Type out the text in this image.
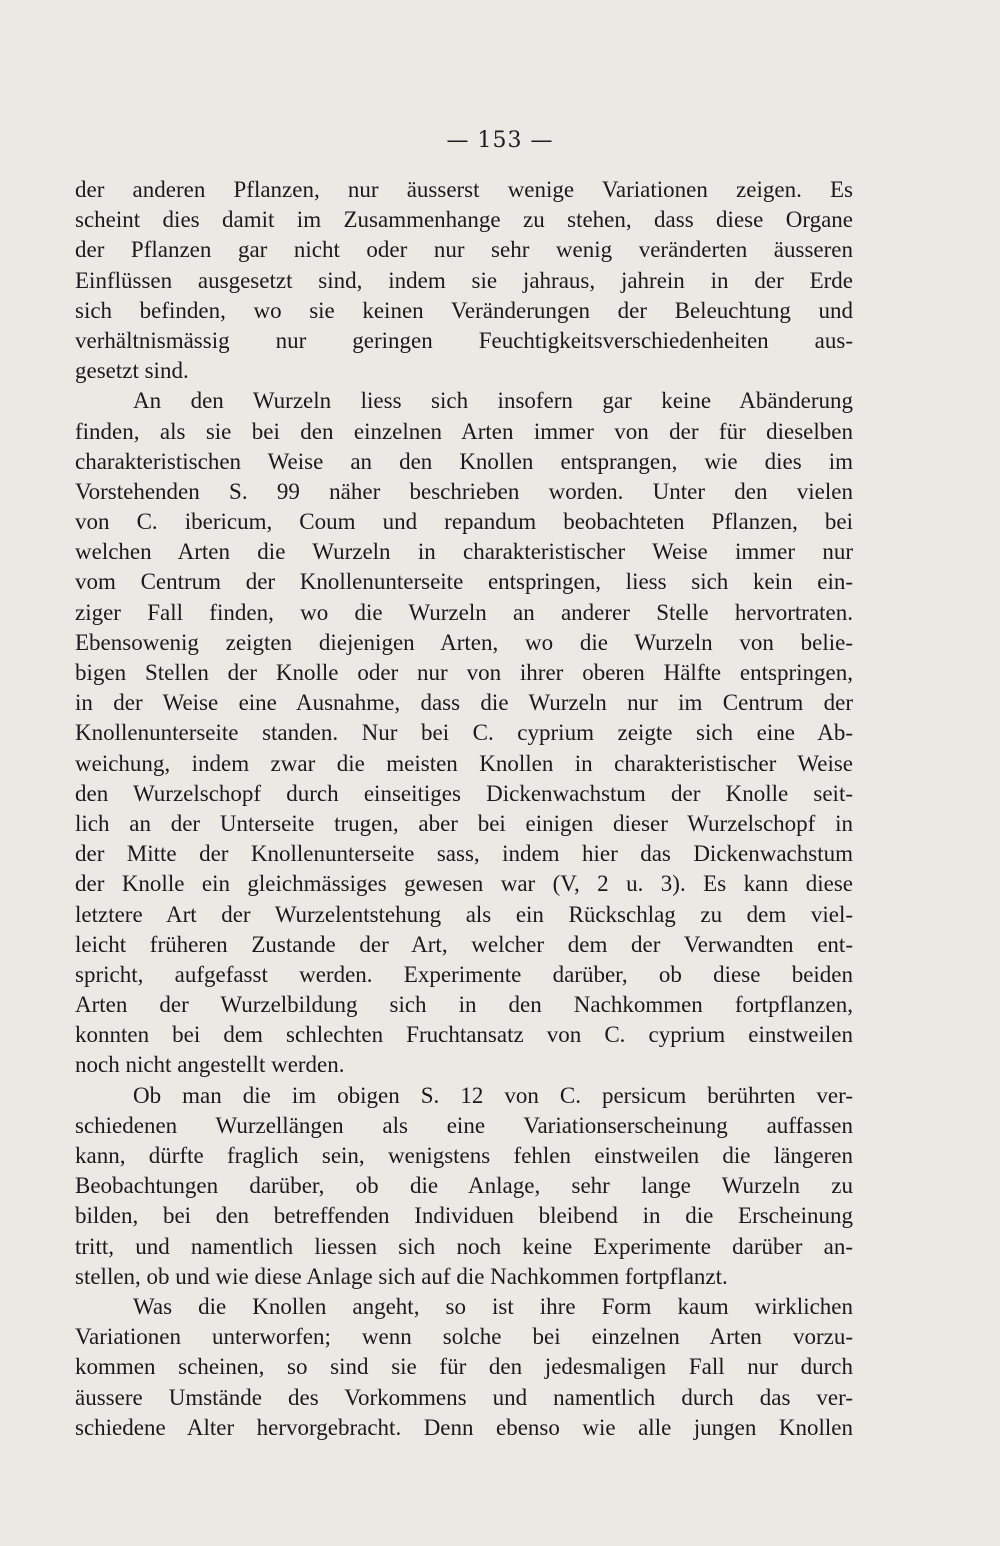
— 153 —
der anderen Pflanzen, nur äusserst wenige Variationen zeigen. Es
scheint dies damit im Zusammenhange zu stehen, dass diese Organe
der Pflanzen gar nicht oder nur sehr wenig veränderten äusseren
Einflüssen ausgesetzt sind, indem sie jahraus, jahrein in der Erde
sich befinden, wo sie keinen Veränderungen der Beleuchtung und
verhältnismässig nur geringen Feuchtigkeitsverschiedenheiten aus-
gesetzt sind.
An den Wurzeln liess sich insofern gar keine Abänderung
finden, als sie bei den einzelnen Arten immer von der für dieselben
charakteristischen Weise an den Knollen entsprangen, wie dies im
Vorstehenden S. 99 näher beschrieben worden. Unter den vielen
von C. ibericum, Coum und repandum beobachteten Pflanzen, bei
welchen Arten die Wurzeln in charakteristischer Weise immer nur
vom Centrum der Knollenunterseite entspringen, liess sich kein ein-
ziger Fall finden, wo die Wurzeln an anderer Stelle hervortraten.
Ebensowenig zeigten diejenigen Arten, wo die Wurzeln von belie-
bigen Stellen der Knolle oder nur von ihrer oberen Hälfte entspringen,
in der Weise eine Ausnahme, dass die Wurzeln nur im Centrum der
Knollenunterseite standen. Nur bei C. cyprium zeigte sich eine Ab-
weichung, indem zwar die meisten Knollen in charakteristischer Weise
den Wurzelschopf durch einseitiges Dickenwachstum der Knolle seit-
lich an der Unterseite trugen, aber bei einigen dieser Wurzelschopf in
der Mitte der Knollenunterseite sass, indem hier das Dickenwachstum
der Knolle ein gleichmässiges gewesen war (V, 2 u. 3). Es kann diese
letztere Art der Wurzelentstehung als ein Rückschlag zu dem viel-
leicht früheren Zustande der Art, welcher dem der Verwandten ent-
spricht, aufgefasst werden. Experimente darüber, ob diese beiden
Arten der Wurzelbildung sich in den Nachkommen fortpflanzen,
konnten bei dem schlechten Fruchtansatz von C. cyprium einstweilen
noch nicht angestellt werden.
Ob man die im obigen S. 12 von C. persicum berührten ver-
schiedenen Wurzellängen als eine Variationserscheinung auffassen
kann, dürfte fraglich sein, wenigstens fehlen einstweilen die längeren
Beobachtungen darüber, ob die Anlage, sehr lange Wurzeln zu
bilden, bei den betreffenden Individuen bleibend in die Erscheinung
tritt, und namentlich liessen sich noch keine Experimente darüber an-
stellen, ob und wie diese Anlage sich auf die Nachkommen fortpflanzt.
Was die Knollen angeht, so ist ihre Form kaum wirklichen
Variationen unterworfen; wenn solche bei einzelnen Arten vorzu-
kommen scheinen, so sind sie für den jedesmaligen Fall nur durch
äussere Umstände des Vorkommens und namentlich durch das ver-
schiedene Alter hervorgebracht. Denn ebenso wie alle jungen Knollen
